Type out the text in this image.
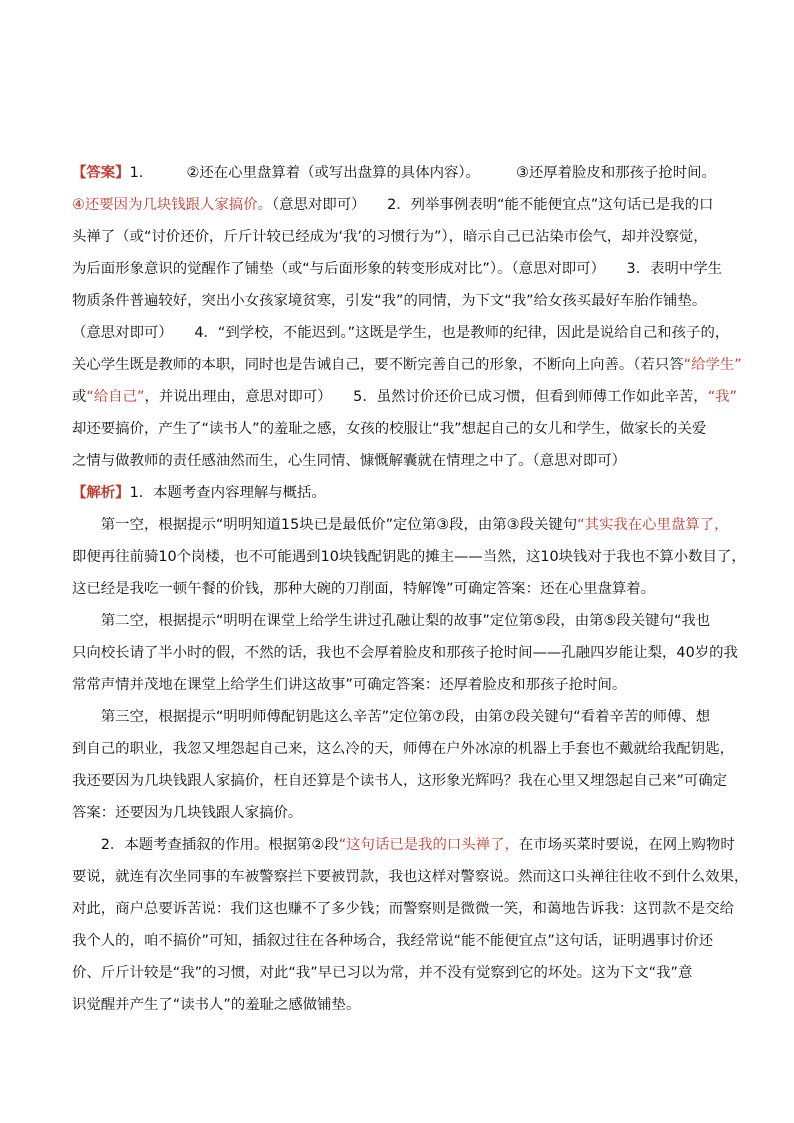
【答案】1.　　　②还在心里盘算着（或写出盘算的具体内容）。　　　③还厚着脸皮和那孩子抢时间。
④还要因为几块钱跟人家搞价。（意思对即可）　　2．列举事例表明“能不能便宜点”这句话已是我的口
头禅了（或“讨价还价，斤斤计较已经成为‘我’的习惯行为”），暗示自己已沾染市侩气，却并没察觉，
为后面形象意识的觉醒作了铺垫（或“与后面形象的转变形成对比”）。（意思对即可）　　3．表明中学生
物质条件普遍较好，突出小女孩家境贫寒，引发“我”的同情，为下文“我”给女孩买最好车胎作铺垫。
（意思对即可）　　4．“到学校，不能迟到。”这既是学生，也是教师的纪律，因此是说给自己和孩子的，
关心学生既是教师的本职，同时也是告诫自己，要不断完善自己的形象，不断向上向善。（若只答“给学生”
或“给自己”，并说出理由，意思对即可）　　5．虽然讨价还价已成习惯，但看到师傅工作如此辛苦，“我”
却还要搞价，产生了“读书人”的羞耻之感，女孩的校服让“我”想起自己的女儿和学生，做家长的关爱
之情与做教师的责任感油然而生，心生同情、慷慨解囊就在情理之中了。（意思对即可）
【解析】1．本题考查内容理解与概括。
　　第一空，根据提示“明明知道15块已是最低价”定位第③段，由第③段关键句“其实我在心里盘算了，
即便再往前骑10个岗楼，也不可能遇到10块钱配钥匙的摊主——当然，这10块钱对于我也不算小数目了，
这已经是我吃一顿午餐的价钱，那种大碗的刀削面，特解馋”可确定答案：还在心里盘算着。
　　第二空，根据提示“明明在课堂上给学生讲过孔融让梨的故事”定位第⑤段，由第⑤段关键句“我也
只向校长请了半小时的假，不然的话，我也不会厚着脸皮和那孩子抢时间——孔融四岁能让梨，40岁的我
常常声情并茂地在课堂上给学生们讲这故事”可确定答案：还厚着脸皮和那孩子抢时间。
　　第三空，根据提示“明明师傅配钥匙这么辛苦”定位第⑦段，由第⑦段关键句“看着辛苦的师傅、想
到自己的职业，我忽又埋怨起自己来，这么冷的天，师傅在户外冰凉的机器上手套也不戴就给我配钥匙，
我还要因为几块钱跟人家搞价，枉自还算是个读书人，这形象光辉吗？我在心里又埋怨起自己来”可确定
答案：还要因为几块钱跟人家搞价。
　　2．本题考查插叙的作用。根据第②段“这句话已是我的口头禅了，在市场买菜时要说，在网上购物时
要说，就连有次坐同事的车被警察拦下要被罚款，我也这样对警察说。然而这口头禅往往收不到什么效果，
对此，商户总要诉苦说：我们这也赚不了多少钱；而警察则是微微一笑，和蔼地告诉我：这罚款不是交给
我个人的，咱不搞价”可知，插叙过往在各种场合，我经常说“能不能便宜点”这句话，证明遇事讨价还
价、斤斤计较是“我”的习惯，对此“我”早已习以为常，并不没有觉察到它的坏处。这为下文“我”意
识觉醒并产生了“读书人”的羞耻之感做铺垫。
